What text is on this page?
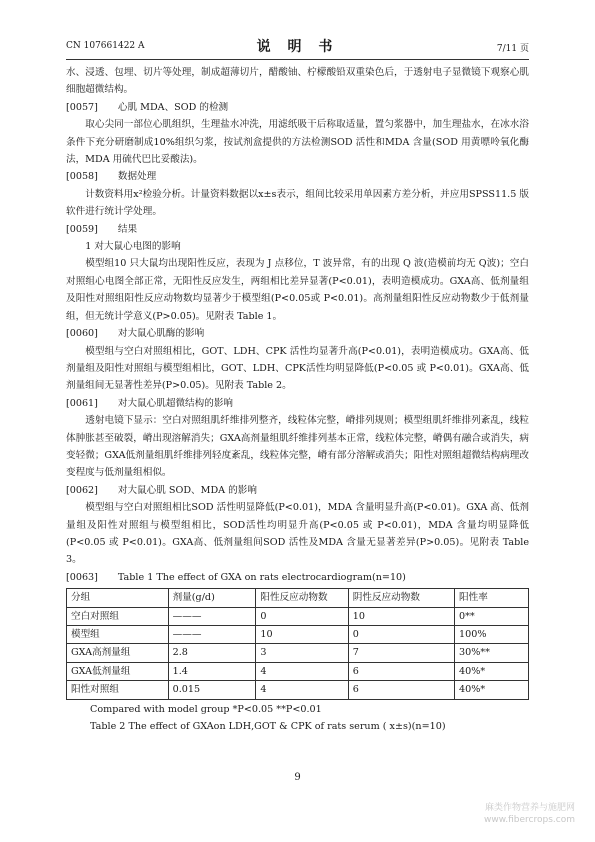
CN 107661422 A	说 明 书	7/11 页

水、浸透、包埋、切片等处理，制成超薄切片，醋酸铀、柠檬酸铅双重染色后，于透射电子显微镜下观察心肌细胞超微结构。

[0057] 心肌 MDA、SOD 的检测

取心尖同一部位心肌组织，生理盐水冲洗，用滤纸吸干后称取适量，置匀浆器中，加生理盐水，在冰水浴条件下充分研磨制成10%组织匀浆，按试剂盒提供的方法检测SOD 活性和MDA 含量(SOD 用黄嘌呤氧化酶法，MDA 用硫代巴比妥酸法)。

[0058] 数据处理

计数资料用x²检验分析。计量资料数据以x±s表示，组间比较采用单因素方差分析，并应用SPSS11.5 版软件进行统计学处理。

[0059] 结果

1 对大鼠心电图的影响

模型组10 只大鼠均出现阳性反应，表现为 J 点移位，T 波异常，有的出现 Q 波(造模前均无 Q波)；空白对照组心电图全部正常，无阳性反应发生，两组相比差异显著(P<0.01)，表明造模成功。GXA高、低剂量组及阳性对照组阳性反应动物数均显著少于模型组(P<0.05或 P<0.01)。高剂量组阳性反应动物数少于低剂量组，但无统计学意义(P>0.05)。见附表 Table 1。

[0060] 对大鼠心肌酶的影响

模型组与空白对照组相比，GOT、LDH、CPK 活性均显著升高(P<0.01)，表明造模成功。GXA高、低剂量组及阳性对照组与模型组相比，GOT、LDH、CPK活性均明显降低(P<0.05 或 P<0.01)。GXA高、低剂量组间无显著性差异(P>0.05)。见附表 Table 2。

[0061] 对大鼠心肌超微结构的影响

透射电镜下显示：空白对照组肌纤维排列整齐，线粒体完整，嵴排列规则；模型组肌纤维排列紊乱，线粒体肿胀甚至破裂，嵴出现溶解消失；GXA高剂量组肌纤维排列基本正常，线粒体完整，嵴偶有融合或消失，病变轻微；GXA低剂量组肌纤维排列轻度紊乱，线粒体完整，嵴有部分溶解或消失；阳性对照组超微结构病理改变程度与低剂量组相似。

[0062] 对大鼠心肌 SOD、MDA 的影响

模型组与空白对照组相比SOD 活性明显降低(P<0.01)，MDA 含量明显升高(P<0.01)。GXA 高、低剂量组及阳性对照组与模型组相比，SOD活性均明显升高(P<0.05 或 P<0.01)，MDA 含量均明显降低(P<0.05 或 P<0.01)。GXA高、低剂量组间SOD 活性及MDA 含量无显著差异(P>0.05)。见附表 Table 3。

[0063] Table 1 The effect of GXA on rats electrocardiogram(n=10)

分组	剂量(g/d)	阳性反应动物数	阴性反应动物数	阳性率
空白对照组	———	0	10	0**
模型组	———	10	0	100%
GXA高剂量组	2.8	3	7	30%**
GXA低剂量组	1.4	4	6	40%*
阳性对照组	0.015	4	6	40%*

Compared with model group *P<0.05 **P<0.01

Table 2 The effect of GXAon LDH,GOT & CPK of rats serum ( x±s)(n=10)

9
麻类作物营养与施肥网
www.fibercrops.com
